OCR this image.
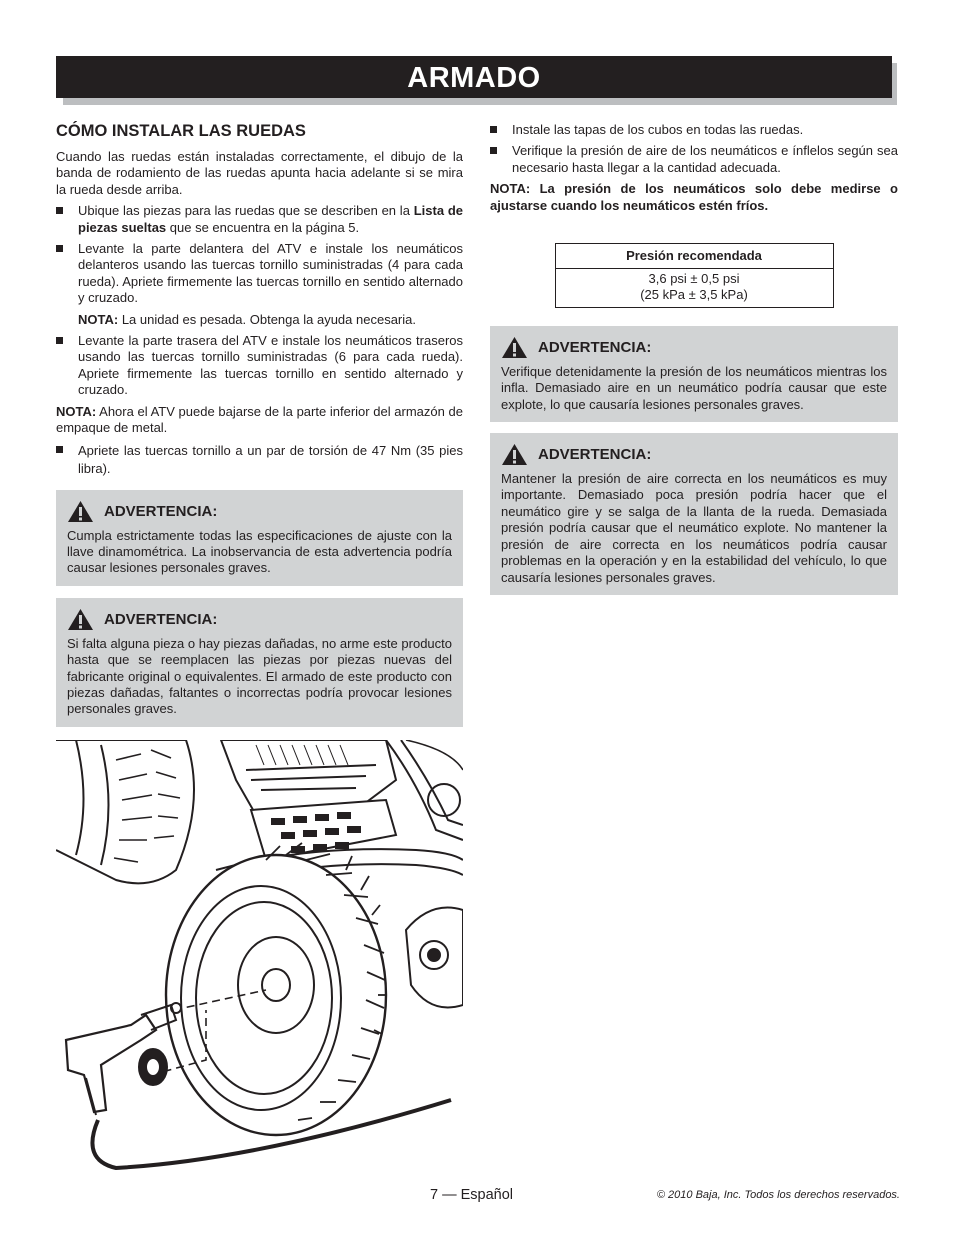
ARMADO
CÓMO INSTALAR LAS RUEDAS

Cuando las ruedas están instaladas correctamente, el dibujo de la banda de rodamiento de las ruedas apunta hacia adelante si se mira la rueda desde arriba.

Ubique las piezas para las ruedas que se describen en la Lista de piezas sueltas que se encuentra en la página 5.
Levante la parte delantera del ATV e instale los neumáticos delanteros usando las tuercas tornillo suministradas (4 para cada rueda). Apriete firmemente las tuercas tornillo en sentido alternado y cruzado.

NOTA: La unidad es pesada. Obtenga la ayuda necesaria.

Levante la parte trasera del ATV e instale los neumáticos traseros usando las tuercas tornillo suministradas (6 para cada rueda). Apriete firmemente las tuercas tornillo en sentido alternado y cruzado.

NOTA: Ahora el ATV puede bajarse de la parte inferior del armazón de empaque de metal.

Apriete las tuercas tornillo a un par de torsión de 47 Nm (35 pies libra).
ADVERTENCIA:

Cumpla estrictamente todas las especificaciones de ajuste con la llave dinamométrica. La inobservancia de esta advertencia podría causar lesiones personales graves.

ADVERTENCIA:

Si falta alguna pieza o hay piezas dañadas, no arme este producto hasta que se reemplacen las piezas por piezas nuevas del fabricante original o equivalentes. El armado de este producto con piezas dañadas, faltantes o incorrectas podría provocar lesiones personales graves.

Instale las tapas de los cubos en todas las ruedas.
Verifique la presión de aire de los neumáticos e ínflelos según sea necesario hasta llegar a la cantidad adecuada.

NOTA: La presión de los neumáticos solo debe medirse o ajustarse cuando los neumáticos estén fríos.

Presión recomendada
3,6 psi ± 0,5 psi
(25 kPa ± 3,5 kPa)
ADVERTENCIA:

Verifique detenidamente la presión de los neumáticos mientras los infla. Demasiado aire en un neumático podría causar que este explote, lo que causaría lesiones personales graves.

ADVERTENCIA:

Mantener la presión de aire correcta en los neumáticos es muy importante. Demasiado poca presión podría hacer que el neumático gire y se salga de la llanta de la rueda. Demasiada presión podría causar que el neumático explote. No mantener la presión de aire correcta en los neumáticos podría causar problemas en la operación y en la estabilidad del vehículo, lo que causaría lesiones personales graves.

7 — Español	© 2010 Baja, Inc. Todos los derechos reservados.
